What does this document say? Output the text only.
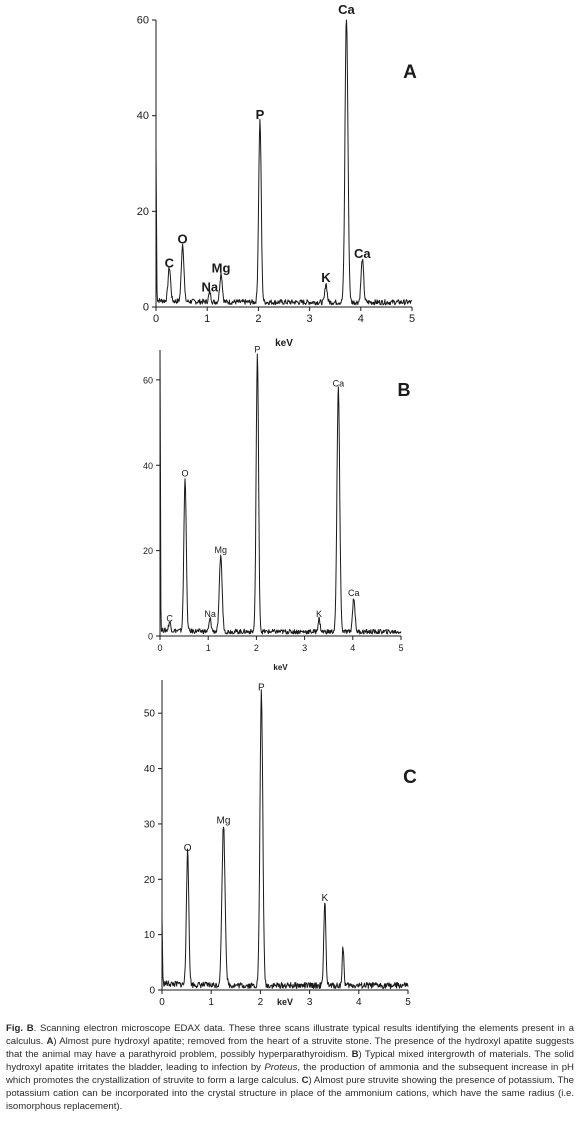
0
20
40
60
0	1	2	3	4	5
keV
A
C
O
Na
Mg
P
K
Ca
Ca
0
20
40
60
0	1	2	3	4	5
keV
B
C
O
Na
Mg
P
K
Ca
Ca
0
10
20
30
40
50
0	1	2	3	4	5
keV
C
O
Mg
P
K
Fig. B. Scanning electron microscope EDAX data. These three scans illustrate typical results identifying the elements present in a calculus. A) Almost pure hydroxyl apatite; removed from the heart of a struvite stone. The presence of the hydroxyl apatite suggests that the animal may have a parathyroid problem, possibly hyperparathyroidism. B) Typical mixed intergrowth of materials. The solid hydroxyl apatite irritates the bladder, leading to infection by Proteus, the production of ammonia and the subsequent increase in pH which promotes the crystallization of struvite to form a large calculus. C) Almost pure struvite showing the presence of potassium. The potassium cation can be incorporated into the crystal structure in place of the ammonium cations, which have the same radius (i.e. isomorphous replacement).
